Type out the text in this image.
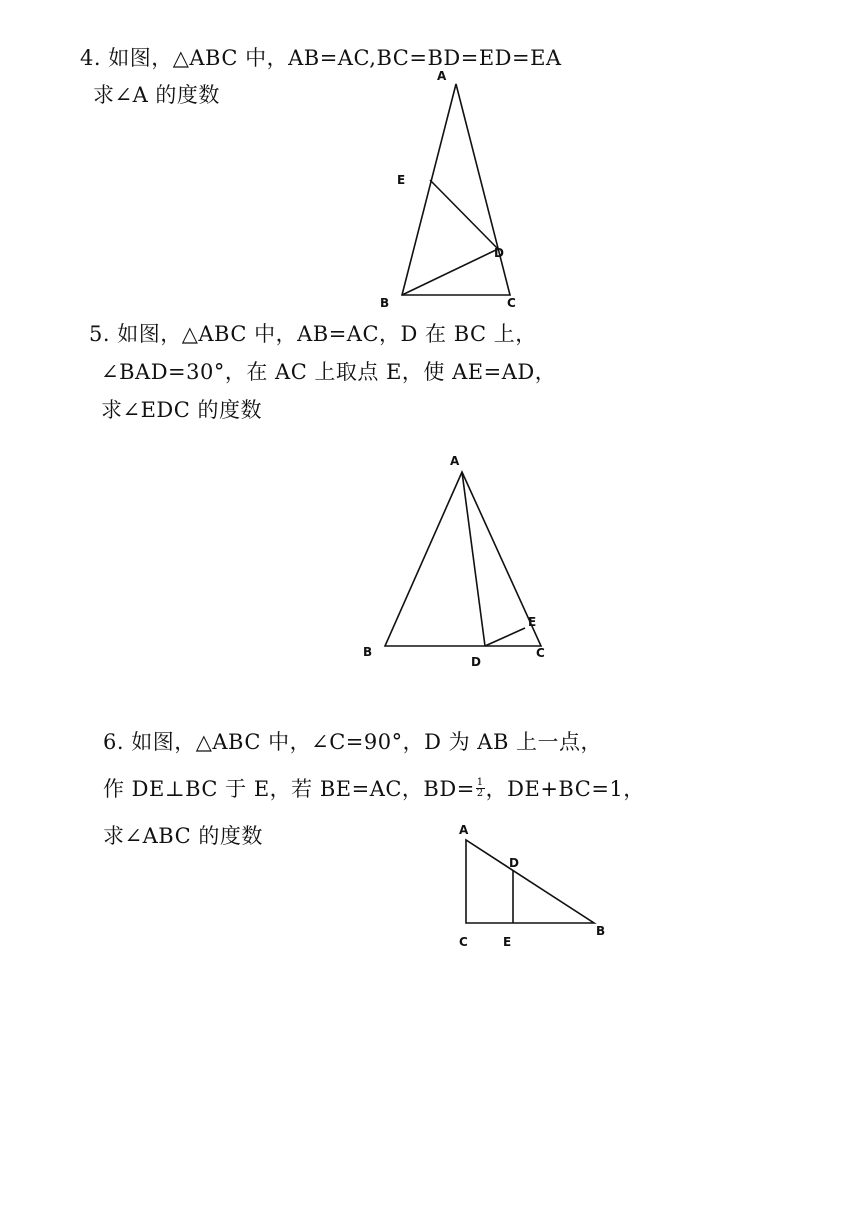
4. 如图，△ABC 中，AB=AC,BC=BD=ED=EA
求∠A 的度数
5. 如图，△ABC 中，AB=AC，D 在 BC 上，
∠BAD=30°，在 AC 上取点 E，使 AE=AD，
求∠EDC 的度数
6. 如图，△ABC 中，∠C=90°，D 为 AB 上一点，
作 DE⊥BC 于 E，若 BE=AC，$BD= \frac{1}{2}$ ，DE+BC=1，
求∠ABC 的度数
A
E
D
B	C
A
B
D
E
C
A
D
C	E
B
